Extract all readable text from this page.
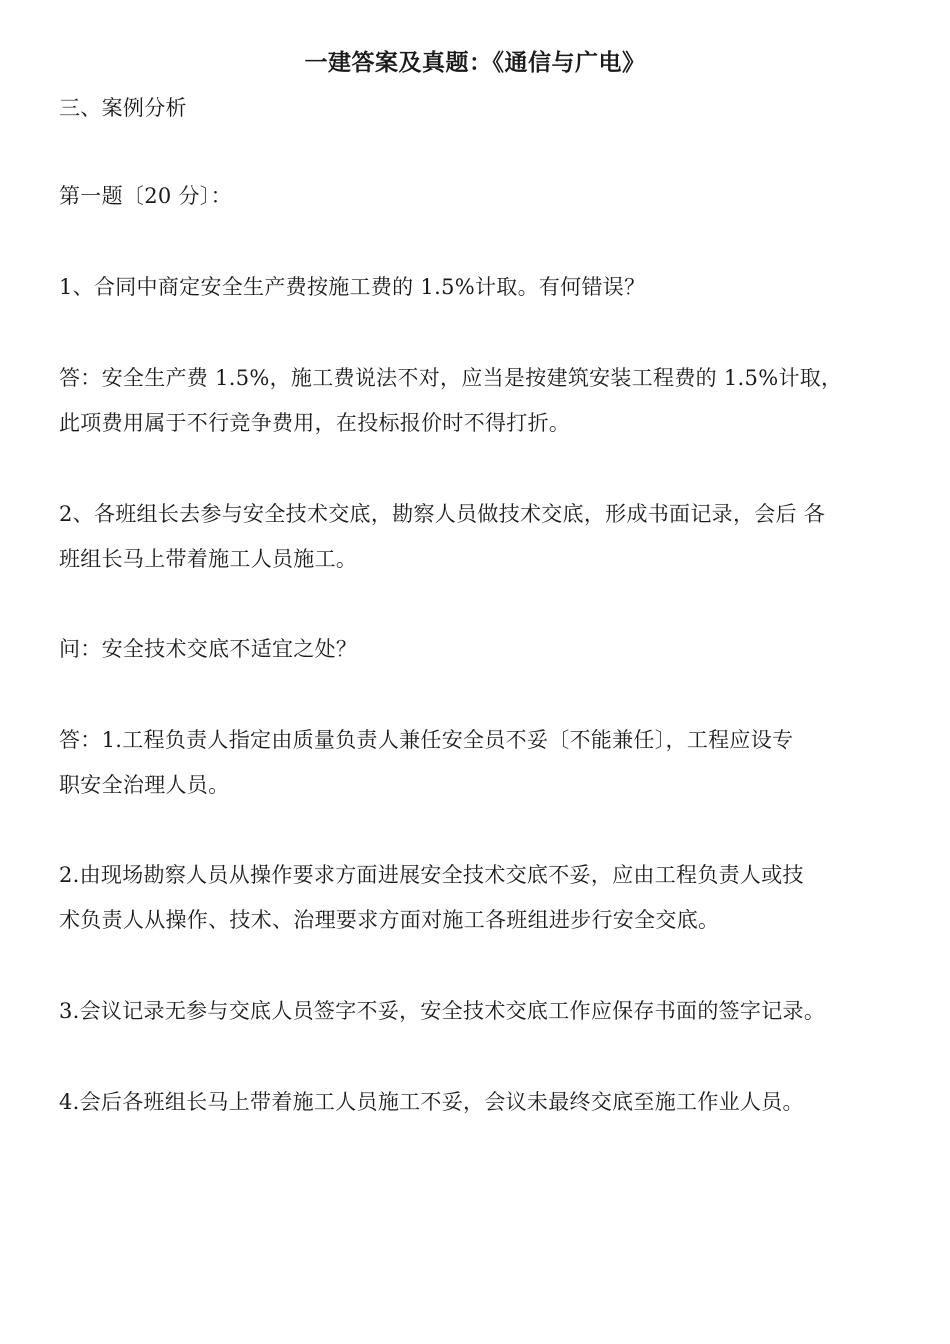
一建答案及真题：《通信与广电》
三、案例分析
第一题〔20 分〕：
1、合同中商定安全生产费按施工费的 1.5%计取。有何错误？
答：安全生产费 1.5%，施工费说法不对，应当是按建筑安装工程费的 1.5%计取，
此项费用属于不行竞争费用，在投标报价时不得打折。
2、各班组长去参与安全技术交底，勘察人员做技术交底，形成书面记录，会后 各
班组长马上带着施工人员施工。
问：安全技术交底不适宜之处？
答：1.工程负责人指定由质量负责人兼任安全员不妥〔不能兼任〕，工程应设专
职安全治理人员。
2.由现场勘察人员从操作要求方面进展安全技术交底不妥，应由工程负责人或技
术负责人从操作、技术、治理要求方面对施工各班组进步行安全交底。
3.会议记录无参与交底人员签字不妥，安全技术交底工作应保存书面的签字记录。
4.会后各班组长马上带着施工人员施工不妥，会议未最终交底至施工作业人员。
